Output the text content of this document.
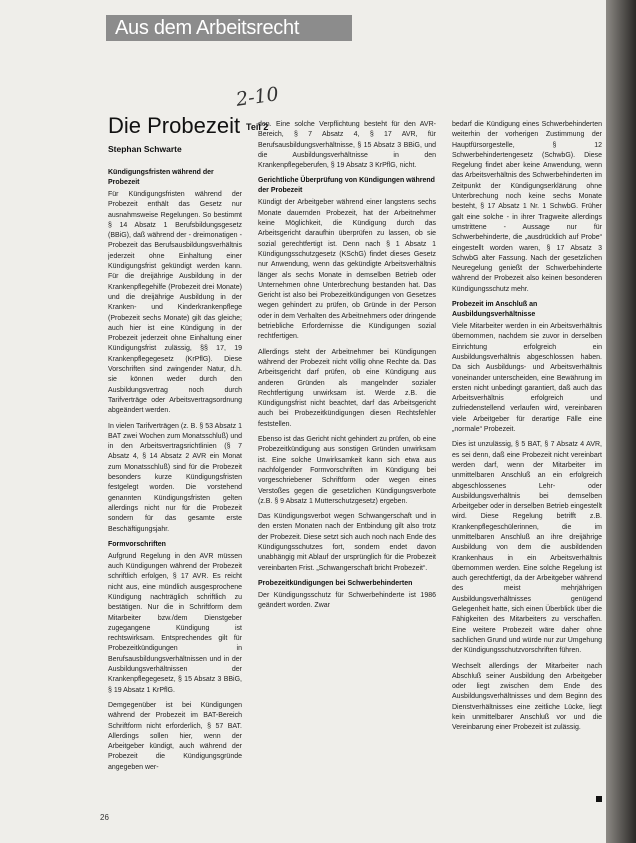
Aus dem Arbeitsrecht
2-10
Die Probezeit Teil 2
Stephan Schwarte
Kündigungsfristen während der Probezeit

Für Kündigungsfristen während der Probezeit enthält das Gesetz nur ausnahmsweise Regelungen. So bestimmt § 14 Absatz 1 Berufsbildungsgesetz (BBiG), daß während der - dreimonatigen - Probezeit das Berufsausbildungsverhältnis jederzeit ohne Einhaltung einer Kündigungsfrist gekündigt werden kann. Für die dreijährige Ausbildung in der Krankenpflegehilfe (Probezeit drei Monate) und die dreijährige Ausbildung in der Kranken- und Kinderkrankenpflege (Probezeit sechs Monate) gilt das gleiche; auch hier ist eine Kündigung in der Probezeit jederzeit ohne Einhaltung einer Kündigungsfrist zulässig, §§ 17, 19 Krankenpflegegesetz (KrPflG). Diese Vorschriften sind zwingender Natur, d.h. sie können weder durch den Ausbildungsvertrag noch durch Tarifverträge oder Arbeitsvertragsordnung abgeändert werden.

In vielen Tarifverträgen (z. B. § 53 Absatz 1 BAT zwei Wochen zum Monatsschluß) und in den Arbeitsvertragsrichtlinien (§ 7 Absatz 4, § 14 Absatz 2 AVR ein Monat zum Monatsschluß) sind für die Probezeit besonders kurze Kündigungsfristen festgelegt worden. Die vorstehend genannten Kündigungsfristen gelten allerdings nicht nur für die Probezeit sondern für das gesamte erste Beschäftigungsjahr.

Formvorschriften

Aufgrund Regelung in den AVR müssen auch Kündigungen während der Probezeit schriftlich erfolgen, § 17 AVR. Es reicht nicht aus, eine mündlich ausgesprochene Kündigung nachträglich schriftlich zu bestätigen. Nur die in Schriftform dem Mitarbeiter bzw./dem Dienstgeber zugegangene Kündigung ist rechtswirksam. Entsprechendes gilt für Probezeitkündigungen in Berufsausbildungsverhältnissen und in der Ausbildungsverhältnissen der Krankenpflegegesetz, § 15 Absatz 3 BBiG, § 19 Absatz 1 KrPflG.

Demgegenüber ist bei Kündigungen während der Probezeit im BAT-Bereich Schriftform nicht erforderlich, § 57 BAT. Allerdings sollen hier, wenn der Arbeitgeber kündigt, auch während der Probezeit die Kündigungsgründe angegeben wer-

den. Eine solche Verpflichtung besteht für den AVR-Bereich, § 7 Absatz 4, § 17 AVR, für Berufsausbildungsverhältnisse, § 15 Absatz 3 BBiG, und die Ausbildungsverhältnisse in den Krankenpflegeberufen, § 19 Absatz 3 KrPflG, nicht.

Gerichtliche Überprüfung von Kündigungen während der Probezeit

Kündigt der Arbeitgeber während einer langstens sechs Monate dauernden Probezeit, hat der Arbeitnehmer keine Möglichkeit, die Kündigung durch das Arbeitsgericht daraufhin überprüfen zu lassen, ob sie sozial gerechtfertigt ist. Denn nach § 1 Absatz 1 Kündigungsschutzgesetz (KSchG) findet dieses Gesetz nur Anwendung, wenn das gekündigte Arbeitsverhältnis länger als sechs Monate in demselben Betrieb oder Unternehmen ohne Unterbrechung bestanden hat. Das Gericht ist also bei Probezeitkündigungen von Gesetzes wegen gehindert zu prüfen, ob Gründe in der Person oder in dem Verhalten des Arbeitnehmers oder dringende betriebliche Erfordernisse die Kündigungen sozial rechtfertigen.

Allerdings steht der Arbeitnehmer bei Kündigungen während der Probezeit nicht völlig ohne Rechte da. Das Arbeitsgericht darf prüfen, ob eine Kündigung aus anderen Gründen als mangelnder sozialer Rechtfertigung unwirksam ist. Werde z.B. die Kündigungsfrist nicht beachtet, darf das Arbeitsgericht auch bei Probezeitkündigungen diesen Rechtsfehler feststellen.

Ebenso ist das Gericht nicht gehindert zu prüfen, ob eine Probezeitkündigung aus sonstigen Gründen unwirksam ist. Eine solche Unwirksamkeit kann sich etwa aus nachfolgender Formvorschriften im Kündigung bei vorgeschriebener Schriftform oder wegen eines Verstoßes gegen die gesetzlichen Kündigungsverbote (z.B. § 9 Absatz 1 Mutterschutzgesetz) ergeben.

Das Kündigungsverbot wegen Schwangerschaft und in den ersten Monaten nach der Entbindung gilt also trotz der Probezeit. Diese setzt sich auch noch nach Ende des Kündigungsschutzes fort, sondern endet davon unabhängig mit Ablauf der ursprünglich für die Probezeit vereinbarten Frist. „Schwangerschaft bricht Probezeit“.

Probezeitkündigungen bei Schwerbehinderten

Der Kündigungsschutz für Schwerbehinderte ist 1986 geändert worden. Zwar

bedarf die Kündigung eines Schwerbehinderten weiterhin der vorherigen Zustimmung der Hauptfürsorgestelle, § 12 Schwerbehindertengesetz (SchwbG). Diese Regelung findet aber keine Anwendung, wenn das Arbeitsverhältnis des Schwerbehinderten im Zeitpunkt der Kündigungserklärung ohne Unterbrechung noch keine sechs Monate besteht, § 17 Absatz 1 Nr. 1 SchwbG. Früher galt eine solche - in ihrer Tragweite allerdings umstrittene - Aussage nur für Schwerbehinderte, die „ausdrücklich auf Probe“ eingestellt worden waren, § 17 Absatz 3 SchwbG alter Fassung. Nach der gesetzlichen Neuregelung genießt der Schwerbehinderte während der Probezeit also keinen besonderen Kündigungsschutz mehr.

Probezeit im Anschluß an Ausbildungsverhältnisse

Viele Mitarbeiter werden in ein Arbeitsverhältnis übernommen, nachdem sie zuvor in derselben Einrichtung erfolgreich ein Ausbildungsverhältnis abgeschlossen haben. Da sich Ausbildungs- und Arbeitsverhältnis voneinander unterscheiden, eine Bewährung im ersten nicht unbedingt garantiert, daß auch das Arbeitsverhältnis erfolgreich und zufriedenstellend verlaufen wird, vereinbaren viele Arbeitgeber für derartige Fälle eine „normale“ Probezeit.

Dies ist unzulässig, § 5 BAT, § 7 Absatz 4 AVR, es sei denn, daß eine Probezeit nicht vereinbart werden darf, wenn der Mitarbeiter im unmittelbaren Anschluß an ein erfolgreich abgeschlossenes Lehr- oder Ausbildungsverhältnis bei demselben Arbeitgeber oder in derselben Betrieb eingestellt wird. Diese Regelung betrifft z.B. Krankenpflegeschülerinnen, die im unmittelbaren Anschluß an ihre dreijährige Ausbildung von dem die ausbildenden Krankenhaus in ein Arbeitsverhältnis übernommen werden. Eine solche Regelung ist auch gerechtfertigt, da der Arbeitgeber während des meist mehrjährigen Ausbildungsverhältnisses genügend Gelegenheit hatte, sich einen Überblick über die Fähigkeiten des Mitarbeiters zu verschaffen. Eine weitere Probezeit wäre daher ohne sachlichen Grund und würde nur zur Umgehung der Kündigungsschutzvorschriften führen.

Wechselt allerdings der Mitarbeiter nach Abschluß seiner Ausbildung den Arbeitgeber oder liegt zwischen dem Ende des Ausbildungsverhältnisses und dem Beginn des Dienstverhältnisses eine zeitliche Lücke, liegt kein unmittelbarer Anschluß vor und die Vereinbarung einer Probezeit ist zulässig.

26
